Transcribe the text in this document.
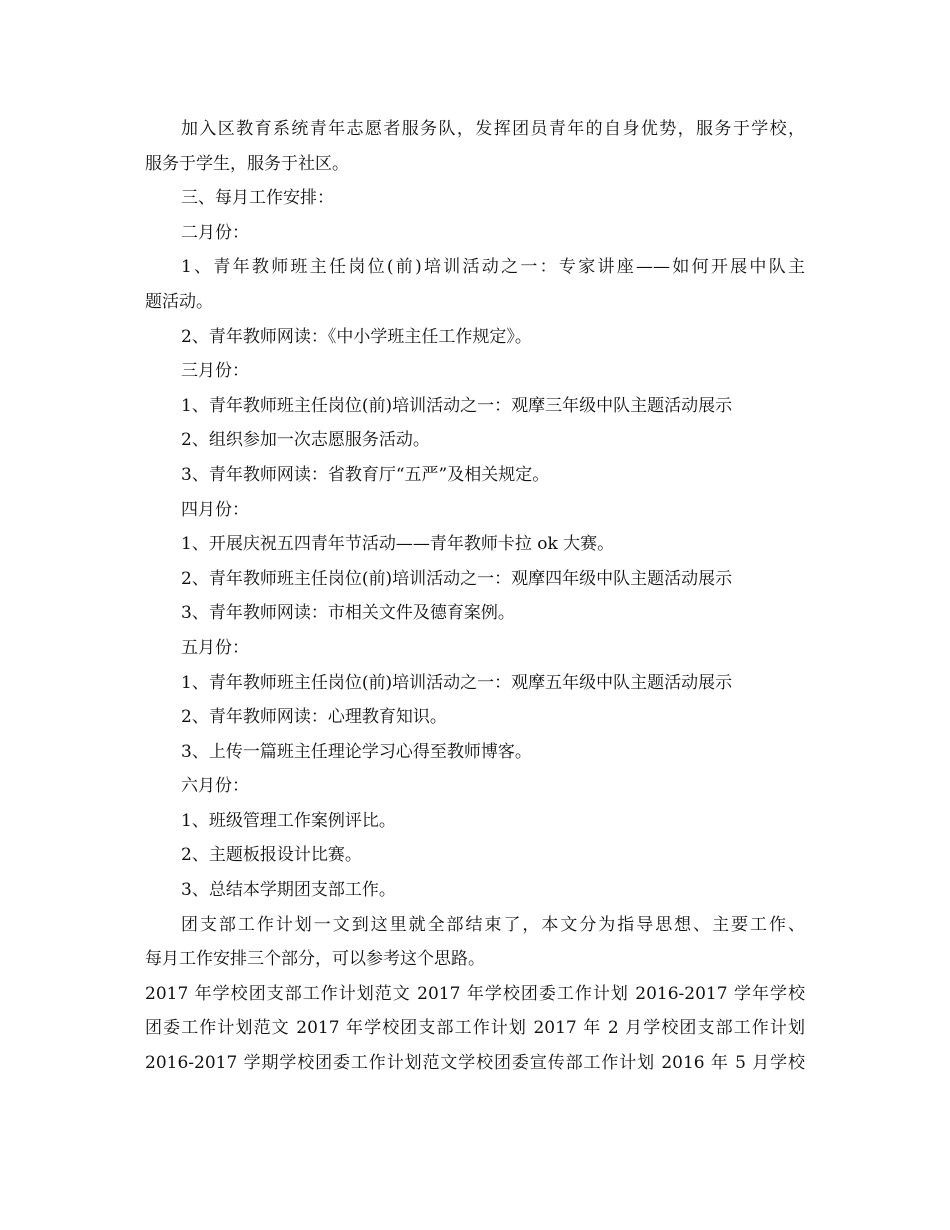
加入区教育系统青年志愿者服务队，发挥团员青年的自身优势，服务于学校，

服务于学生，服务于社区。

三、每月工作安排：

二月份：

1、青年教师班主任岗位(前)培训活动之一：专家讲座——如何开展中队主

题活动。

2、青年教师网读：《中小学班主任工作规定》。

三月份：

1、青年教师班主任岗位(前)培训活动之一：观摩三年级中队主题活动展示

2、组织参加一次志愿服务活动。

3、青年教师网读：省教育厅“五严”及相关规定。

四月份：

1、开展庆祝五四青年节活动——青年教师卡拉 ok 大赛。

2、青年教师班主任岗位(前)培训活动之一：观摩四年级中队主题活动展示

3、青年教师网读：市相关文件及德育案例。

五月份：

1、青年教师班主任岗位(前)培训活动之一：观摩五年级中队主题活动展示

2、青年教师网读：心理教育知识。

3、上传一篇班主任理论学习心得至教师博客。

六月份：

1、班级管理工作案例评比。

2、主题板报设计比赛。

3、总结本学期团支部工作。

团支部工作计划一文到这里就全部结束了，本文分为指导思想、主要工作、

每月工作安排三个部分，可以参考这个思路。

2017 年学校团支部工作计划范文 2017 年学校团委工作计划 2016-2017 学年学校

团委工作计划范文 2017 年学校团支部工作计划 2017 年 2 月学校团支部工作计划

2016-2017 学期学校团委工作计划范文学校团委宣传部工作计划 2016 年 5 月学校
